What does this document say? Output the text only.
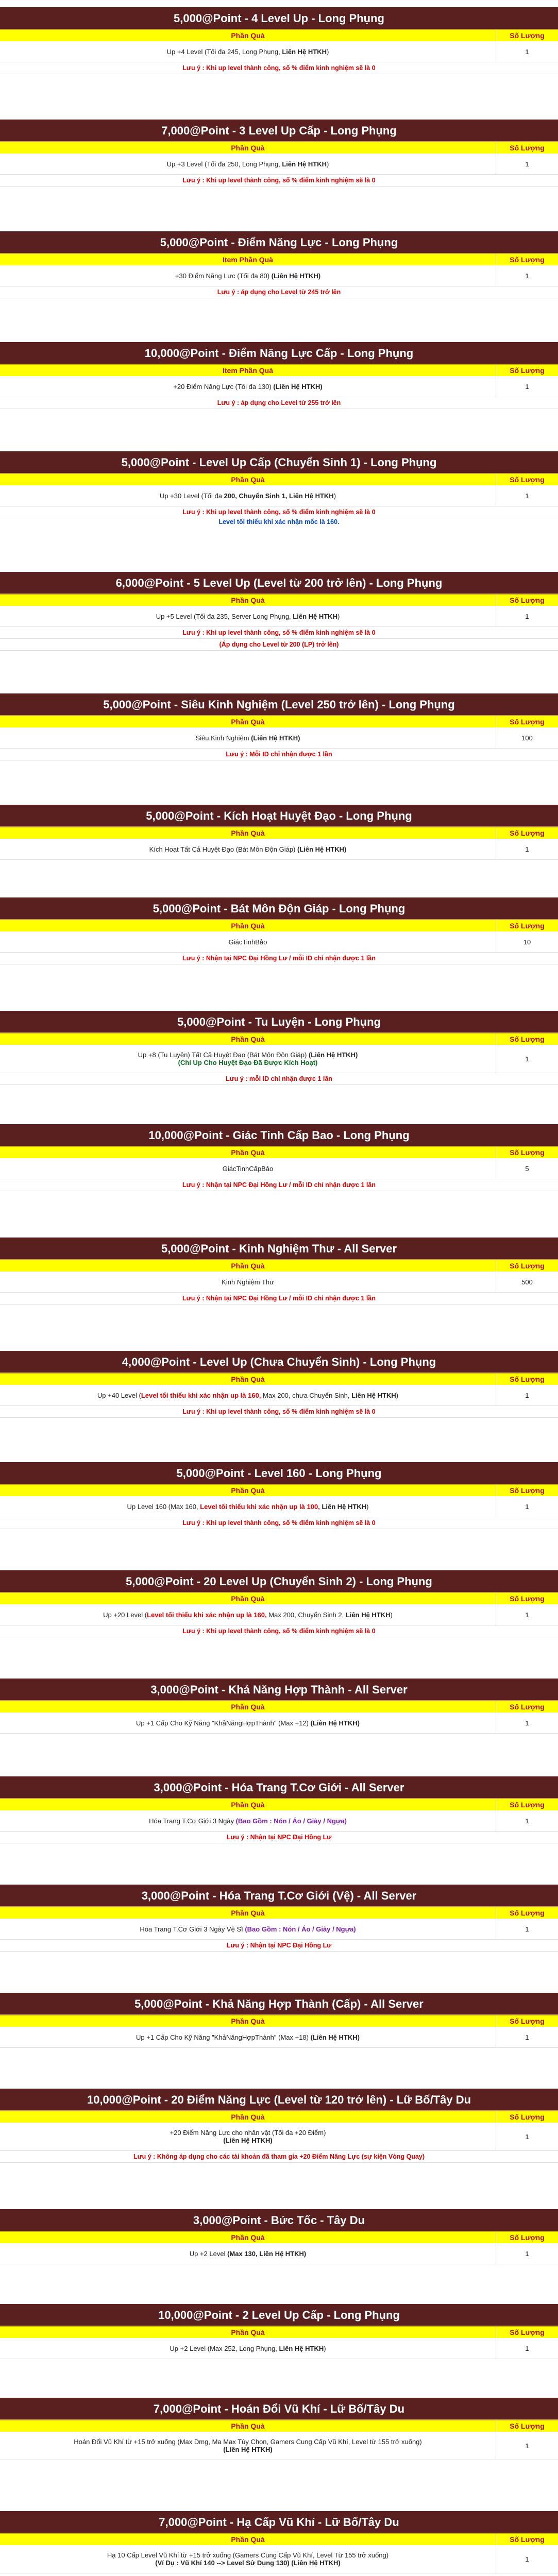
5,000@Point - 4 Level Up - Long Phụng
Phần Quà	Số Lượng
Up +4 Level (Tối đa 245, Long Phụng, Liên Hệ HTKH)	1
Lưu ý : Khi up level thành công, số % điểm kinh nghiệm sẽ là 0
7,000@Point - 3 Level Up Cấp - Long Phụng
Phần Quà	Số Lượng
Up +3 Level (Tối đa 250, Long Phụng, Liên Hệ HTKH)	1
Lưu ý : Khi up level thành công, số % điểm kinh nghiệm sẽ là 0
5,000@Point - Điểm Năng Lực - Long Phụng
Item Phần Quà	Số Lượng
+30 Điểm Năng Lực (Tối đa 80) (Liên Hệ HTKH)	1
Lưu ý : áp dụng cho Level từ 245 trở lên
10,000@Point - Điểm Năng Lực Cấp - Long Phụng
Item Phần Quà	Số Lượng
+20 Điểm Năng Lực (Tối đa 130) (Liên Hệ HTKH)	1
Lưu ý : áp dụng cho Level từ 255 trở lên
5,000@Point - Level Up Cấp (Chuyển Sinh 1) - Long Phụng
Phần Quà	Số Lượng
Up +30 Level (Tối đa 200, Chuyển Sinh 1, Liên Hệ HTKH)	1
Lưu ý : Khi up level thành công, số % điểm kinh nghiệm sẽ là 0
Level tối thiểu khi xác nhận mốc là 160.
6,000@Point - 5 Level Up (Level từ 200 trở lên) - Long Phụng
Phần Quà	Số Lượng
Up +5 Level (Tối đa 235, Server Long Phụng, Liên Hệ HTKH)	1
Lưu ý : Khi up level thành công, số % điểm kinh nghiệm sẽ là 0
(Áp dụng cho Level từ 200 (LP) trở lên)
5,000@Point - Siêu Kinh Nghiệm (Level 250 trở lên) - Long Phụng
Phần Quà	Số Lượng
Siêu Kinh Nghiệm (Liên Hệ HTKH)	100
Lưu ý : Mỗi ID chỉ nhận được 1 lần
5,000@Point - Kích Hoạt Huyệt Đạo - Long Phụng
Phần Quà	Số Lượng
Kích Hoạt Tất Cả Huyệt Đạo (Bát Môn Độn Giáp) (Liên Hệ HTKH)	1
5,000@Point - Bát Môn Độn Giáp - Long Phụng
Phần Quà	Số Lượng
GiácTinhBảo	10
Lưu ý : Nhận tại NPC Đại Hồng Lư / mỗi ID chỉ nhận được 1 lần
5,000@Point - Tu Luyện - Long Phụng
Phần Quà	Số Lượng
Up +8 (Tu Luyện) Tất Cả Huyệt Đạo (Bát Môn Độn Giáp) (Liên Hệ HTKH)
(Chỉ Up Cho Huyệt Đạo Đã Được Kích Hoạt)	1
Lưu ý : mỗi ID chỉ nhận được 1 lần
10,000@Point - Giác Tinh Cấp Bao - Long Phụng
Phần Quà	Số Lượng
GiácTinhCấpBảo	5
Lưu ý : Nhận tại NPC Đại Hồng Lư / mỗi ID chỉ nhận được 1 lần
5,000@Point - Kinh Nghiệm Thư - All Server
Phần Quà	Số Lượng
Kinh Nghiệm Thư	500
Lưu ý : Nhận tại NPC Đại Hồng Lư / mỗi ID chỉ nhận được 1 lần
4,000@Point - Level Up (Chưa Chuyển Sinh) - Long Phụng
Phần Quà	Số Lượng
Up +40 Level (Level tối thiểu khi xác nhận up là 160, Max 200, chưa Chuyển Sinh, Liên Hệ HTKH)	1
Lưu ý : Khi up level thành công, số % điểm kinh nghiệm sẽ là 0
5,000@Point - Level 160 - Long Phụng
Phần Quà	Số Lượng
Up Level 160 (Max 160, Level tối thiểu khi xác nhận up là 100, Liên Hệ HTKH)	1
Lưu ý : Khi up level thành công, số % điểm kinh nghiệm sẽ là 0
5,000@Point - 20 Level Up (Chuyển Sinh 2) - Long Phụng
Phần Quà	Số Lượng
Up +20 Level (Level tối thiểu khi xác nhận up là 160, Max 200, Chuyển Sinh 2, Liên Hệ HTKH)	1
Lưu ý : Khi up level thành công, số % điểm kinh nghiệm sẽ là 0
3,000@Point - Khả Năng Hợp Thành - All Server
Phần Quà	Số Lượng
Up +1 Cấp Cho Kỹ Năng "KhảNăngHợpThành" (Max +12) (Liên Hệ HTKH)	1
3,000@Point - Hóa Trang T.Cơ Giới - All Server
Phần Quà	Số Lượng
Hóa Trang T.Cơ Giới 3 Ngày (Bao Gồm : Nón / Áo / Giày / Ngựa)	1
Lưu ý : Nhận tại NPC Đại Hồng Lư
3,000@Point - Hóa Trang T.Cơ Giới (Vệ) - All Server
Phần Quà	Số Lượng
Hóa Trang T.Cơ Giới 3 Ngày Vệ Sĩ (Bao Gồm : Nón / Áo / Giày / Ngựa)	1
Lưu ý : Nhận tại NPC Đại Hồng Lư
5,000@Point - Khả Năng Hợp Thành (Cấp) - All Server
Phần Quà	Số Lượng
Up +1 Cấp Cho Kỹ Năng "KhảNăngHợpThành" (Max +18) (Liên Hệ HTKH)	1
10,000@Point - 20 Điểm Năng Lực (Level từ 120 trở lên) - Lữ Bố/Tây Du
Phần Quà	Số Lượng
+20 Điểm Năng Lực cho nhân vật (Tối đa +20 Điểm)
(Liên Hệ HTKH)	1
Lưu ý : Không áp dụng cho các tài khoản đã tham gia +20 Điểm Năng Lực (sự kiện Vòng Quay)
3,000@Point - Bức Tốc - Tây Du
Phần Quà	Số Lượng
Up +2 Level (Max 130, Liên Hệ HTKH)	1
10,000@Point - 2 Level Up Cấp - Long Phụng
Phần Quà	Số Lượng
Up +2 Level (Max 252, Long Phụng, Liên Hệ HTKH)	1
7,000@Point - Hoán Đổi Vũ Khí - Lữ Bố/Tây Du
Phần Quà	Số Lượng
Hoán Đổi Vũ Khí từ +15 trở xuống (Max Dmg, Ma Max Tùy Chọn, Gamers Cung Cấp Vũ Khí, Level từ 155 trở xuống)
(Liên Hệ HTKH)	1
7,000@Point - Hạ Cấp Vũ Khí - Lữ Bố/Tây Du
Phần Quà	Số Lượng
Hạ 10 Cấp Level Vũ Khí từ +15 trở xuống (Gamers Cung Cấp Vũ Khí, Level Từ 155 trở xuống)
(Ví Dụ : Vũ Khí 140 --> Level Sử Dụng 130) (Liên Hệ HTKH)	1
